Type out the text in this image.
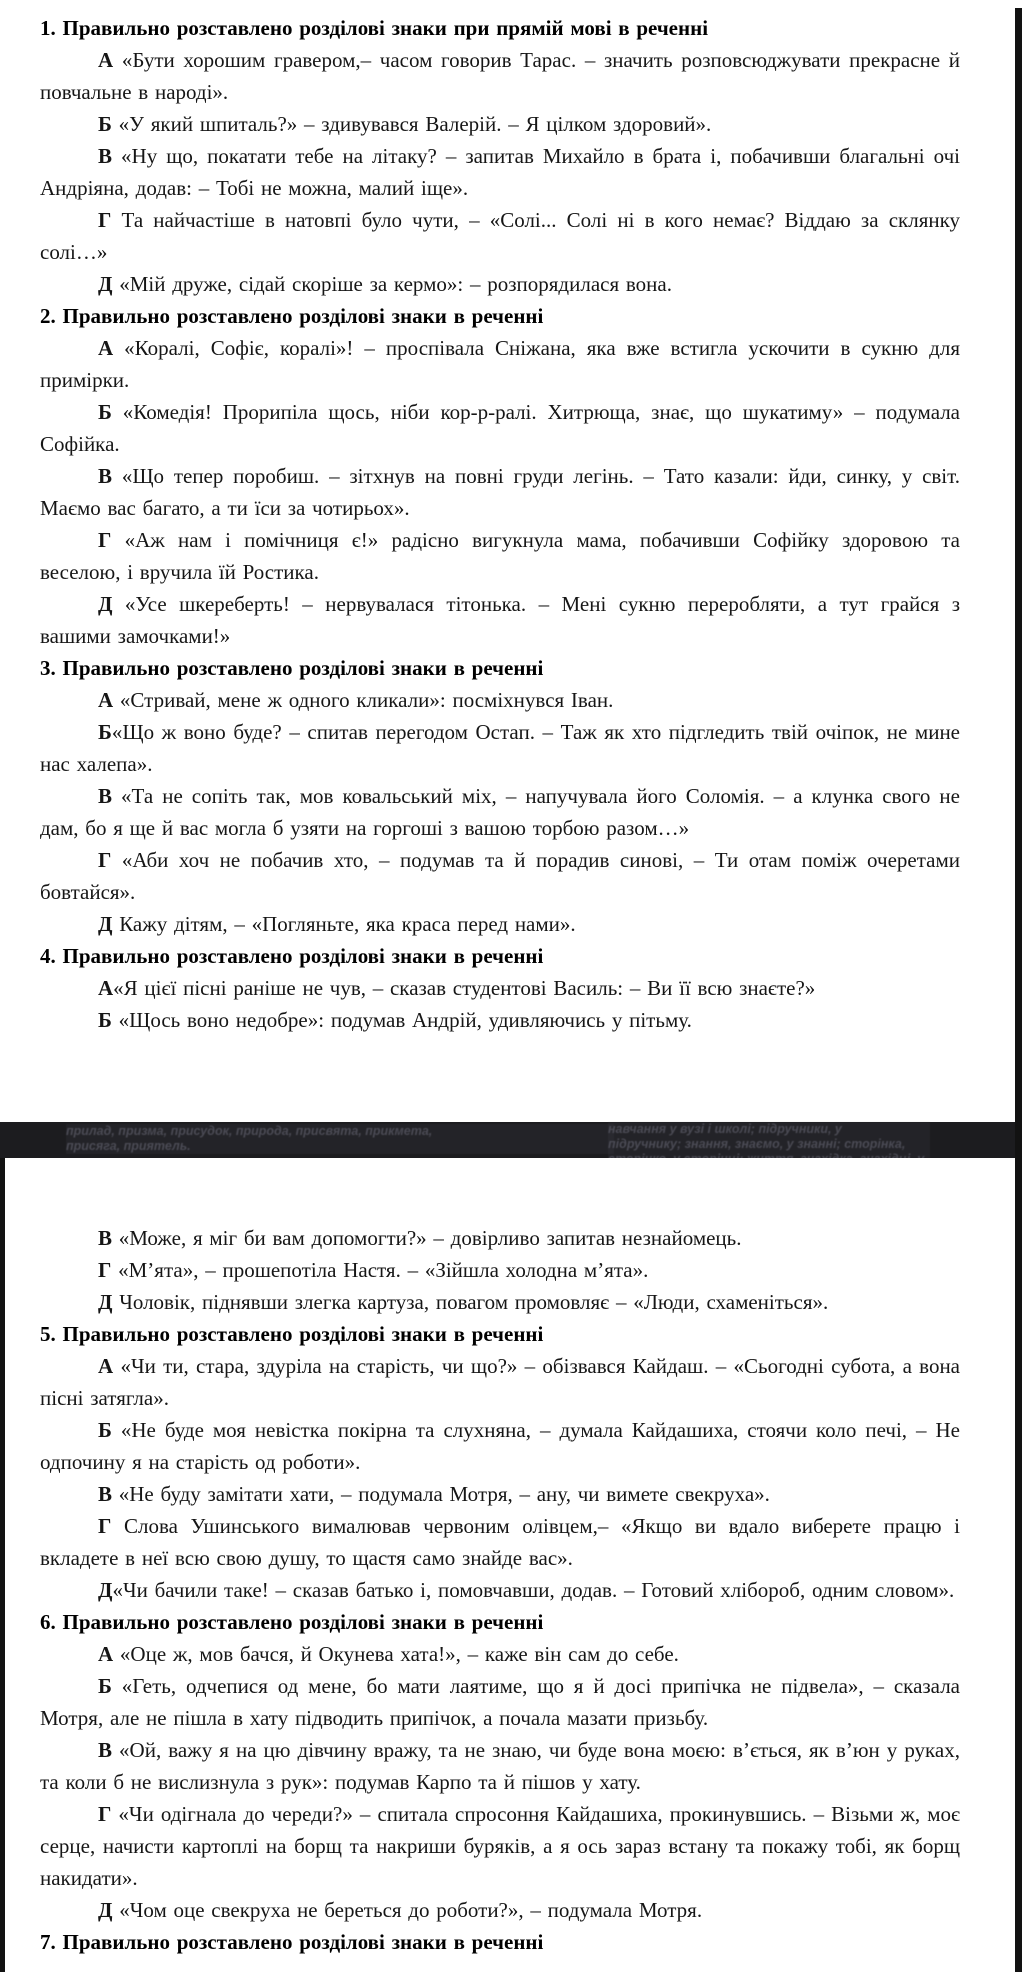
1. Правильно розставлено розділові знаки при прямій мові в реченні

А «Бути хорошим гравером,– часом говорив Тарас. – значить розповсюджувати прекрасне й повчальне в народі».

Б «У який шпиталь?» – здивувався Валерій. – Я цілком здоровий».

В «Ну що, покатати тебе на літаку? – запитав Михайло в брата і, побачивши благальні очі Андріяна, додав: – Тобі не можна, малий іще».

Г Та найчастіше в натовпі було чути, – «Солі... Солі ні в кого немає? Віддаю за склянку солі…»

Д «Мій друже, сідай скоріше за кермо»: – розпорядилася вона.

2. Правильно розставлено розділові знаки в реченні

А «Коралі, Софіє, коралі»! – проспівала Сніжана, яка вже встигла ускочити в сукню для примірки.

Б «Комедія! Прорипіла щось, ніби кор-р-ралі. Хитрюща, знає, що шукатиму» – подумала Софійка.

В «Що тепер поробиш. – зітхнув на повні груди легінь. – Тато казали: йди, синку, у світ. Маємо вас багато, а ти їси за чотирьох».

Г «Аж нам і помічниця є!» радісно вигукнула мама, побачивши Софійку здоровою та веселою, і вручила їй Ростика.

Д «Усе шкереберть! – нервувалася тітонька. – Мені сукню переробляти, а тут грайся з вашими замочками!»

3. Правильно розставлено розділові знаки в реченні

А «Стривай, мене ж одного кликали»: посміхнувся Іван.

Б«Що ж воно буде? – спитав перегодом Остап. – Таж як хто підгледить твій очіпок, не мине нас халепа».

В «Та не сопіть так, мов ковальський міх, – напучувала його Соломія. – а клунка свого не дам, бо я ще й вас могла б узяти на горгоші з вашою торбою разом…»

Г «Аби хоч не побачив хто, – подумав та й порадив синові, – Ти отам поміж очеретами бовтайся».

Д Кажу дітям, – «Погляньте, яка краса перед нами».

4. Правильно розставлено розділові знаки в реченні

А«Я цієї пісні раніше не чув, – сказав студентові Василь: – Ви її всю знаєте?»

Б «Щось воно недобре»: подумав Андрій, удивляючись у пітьму.

прилад, призма, присудок, природа, присвята, прикмета,
присяга, приятель.
навчання у вузі і школі; підручники, у
підручнику; знання, знаємо, у знанні; сторінка,

В «Може, я міг би вам допомогти?» – довірливо запитав незнайомець.

Г «М’ята», – прошепотіла Настя. – «Зійшла холодна м’ята».

Д Чоловік, піднявши злегка картуза, повагом промовляє – «Люди, схаменіться».

5. Правильно розставлено розділові знаки в реченні

А «Чи ти, стара, здуріла на старість, чи що?» – обізвався Кайдаш. – «Сьогодні субота, а вона пісні затягла».

Б «Не буде моя невістка покірна та слухняна, – думала Кайдашиха, стоячи коло печі, – Не одпочину я на старість од роботи».

В «Не буду замітати хати, – подумала Мотря, – ану, чи вимете свекруха».

Г Слова Ушинського вималював червоним олівцем,– «Якщо ви вдало виберете працю і вкладете в неї всю свою душу, то щастя само знайде вас».

Д«Чи бачили таке! – сказав батько і, помовчавши, додав. – Готовий хлібороб, одним словом».

6. Правильно розставлено розділові знаки в реченні

А «Оце ж, мов бачся, й Окунева хата!», – каже він сам до себе.

Б «Геть, одчепися од мене, бо мати лаятиме, що я й досі припічка не підвела», – сказала Мотря, але не пішла в хату підводить припічок, а почала мазати призьбу.

В «Ой, важу я на цю дівчину вражу, та не знаю, чи буде вона моєю: в’ється, як в’юн у руках, та коли б не вислизнула з рук»: подумав Карпо та й пішов у хату.

Г «Чи одігнала до череди?» – спитала спросоння Кайдашиха, прокинувшись. – Візьми ж, моє серце, начисти картоплі на борщ та накриши буряків, а я ось зараз встану та покажу тобі, як борщ накидати».

Д «Чом оце свекруха не береться до роботи?», – подумала Мотря.

7. Правильно розставлено розділові знаки в реченні
